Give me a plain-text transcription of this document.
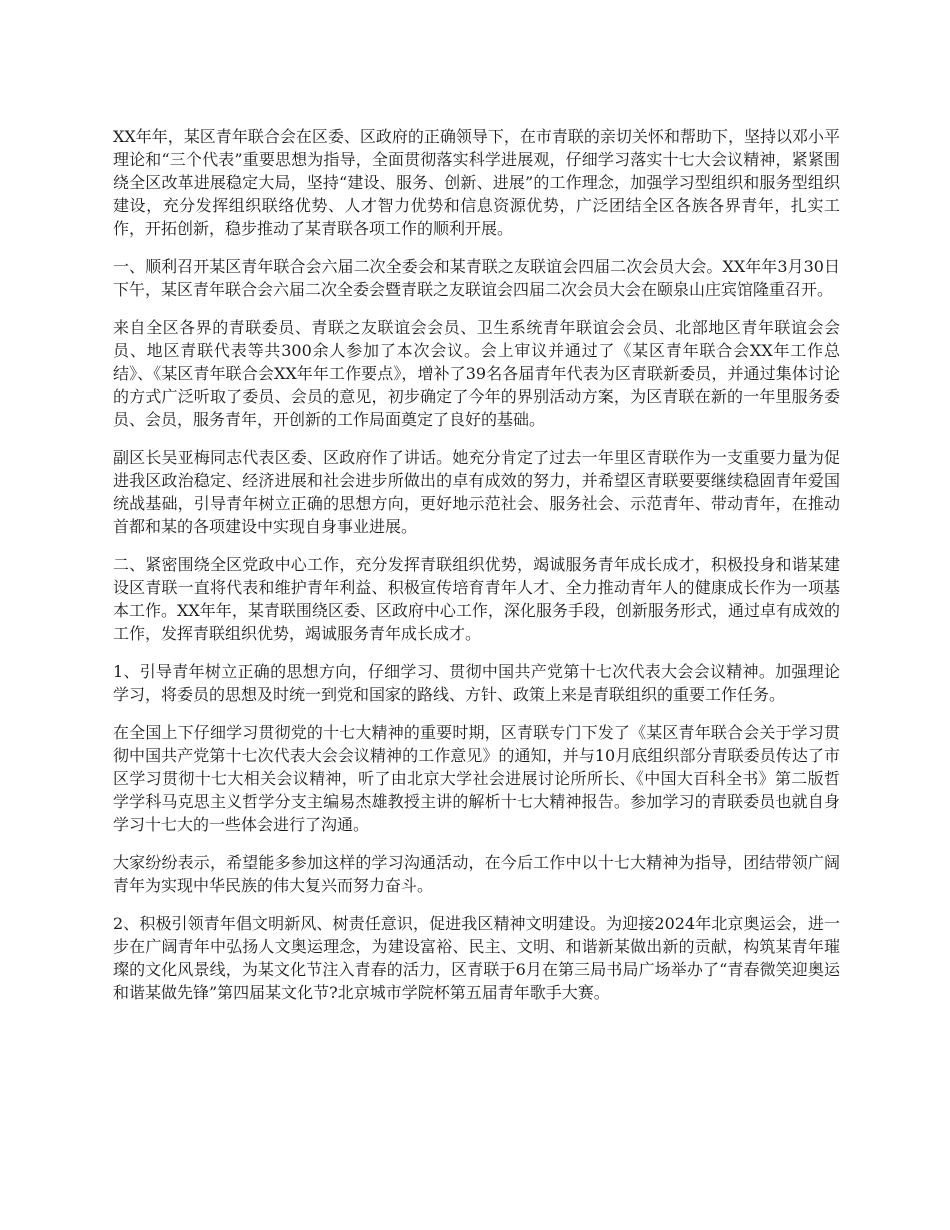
XX年年，某区青年联合会在区委、区政府的正确领导下，在市青联的亲切关怀和帮助下，坚持以邓小平理论和“三个代表”重要思想为指导，全面贯彻落实科学进展观，仔细学习落实十七大会议精神，紧紧围绕全区改革进展稳定大局，坚持“建设、服务、创新、进展”的工作理念，加强学习型组织和服务型组织建设，充分发挥组织联络优势、人才智力优势和信息资源优势，广泛团结全区各族各界青年，扎实工作，开拓创新，稳步推动了某青联各项工作的顺利开展。

一、顺利召开某区青年联合会六届二次全委会和某青联之友联谊会四届二次会员大会。XX年年3月30日下午，某区青年联合会六届二次全委会暨青联之友联谊会四届二次会员大会在颐泉山庄宾馆隆重召开。

来自全区各界的青联委员、青联之友联谊会会员、卫生系统青年联谊会会员、北部地区青年联谊会会员、地区青联代表等共300余人参加了本次会议。会上审议并通过了《某区青年联合会XX年工作总结》、《某区青年联合会XX年年工作要点》，增补了39名各届青年代表为区青联新委员，并通过集体讨论的方式广泛听取了委员、会员的意见，初步确定了今年的界别活动方案，为区青联在新的一年里服务委员、会员，服务青年，开创新的工作局面奠定了良好的基础。

副区长吴亚梅同志代表区委、区政府作了讲话。她充分肯定了过去一年里区青联作为一支重要力量为促进我区政治稳定、经济进展和社会进步所做出的卓有成效的努力，并希望区青联要要继续稳固青年爱国统战基础，引导青年树立正确的思想方向，更好地示范社会、服务社会、示范青年、带动青年，在推动首都和某的各项建设中实现自身事业进展。

二、紧密围绕全区党政中心工作，充分发挥青联组织优势，竭诚服务青年成长成才，积极投身和谐某建设区青联一直将代表和维护青年利益、积极宣传培育青年人才、全力推动青年人的健康成长作为一项基本工作。XX年年，某青联围绕区委、区政府中心工作，深化服务手段，创新服务形式，通过卓有成效的工作，发挥青联组织优势，竭诚服务青年成长成才。

1、引导青年树立正确的思想方向，仔细学习、贯彻中国共产党第十七次代表大会会议精神。加强理论学习，将委员的思想及时统一到党和国家的路线、方针、政策上来是青联组织的重要工作任务。

在全国上下仔细学习贯彻党的十七大精神的重要时期，区青联专门下发了《某区青年联合会关于学习贯彻中国共产党第十七次代表大会会议精神的工作意见》的通知，并与10月底组织部分青联委员传达了市区学习贯彻十七大相关会议精神，听了由北京大学社会进展讨论所所长、《中国大百科全书》第二版哲学学科马克思主义哲学分支主编易杰雄教授主讲的解析十七大精神报告。参加学习的青联委员也就自身学习十七大的一些体会进行了沟通。

大家纷纷表示，希望能多参加这样的学习沟通活动，在今后工作中以十七大精神为指导，团结带领广阔青年为实现中华民族的伟大复兴而努力奋斗。

2、积极引领青年倡文明新风、树责任意识，促进我区精神文明建设。为迎接2024年北京奥运会，进一步在广阔青年中弘扬人文奥运理念，为建设富裕、民主、文明、和谐新某做出新的贡献，构筑某青年璀璨的文化风景线，为某文化节注入青春的活力，区青联于6月在第三局书局广场举办了“青春微笑迎奥运和谐某做先锋”第四届某文化节?北京城市学院杯第五届青年歌手大赛。
